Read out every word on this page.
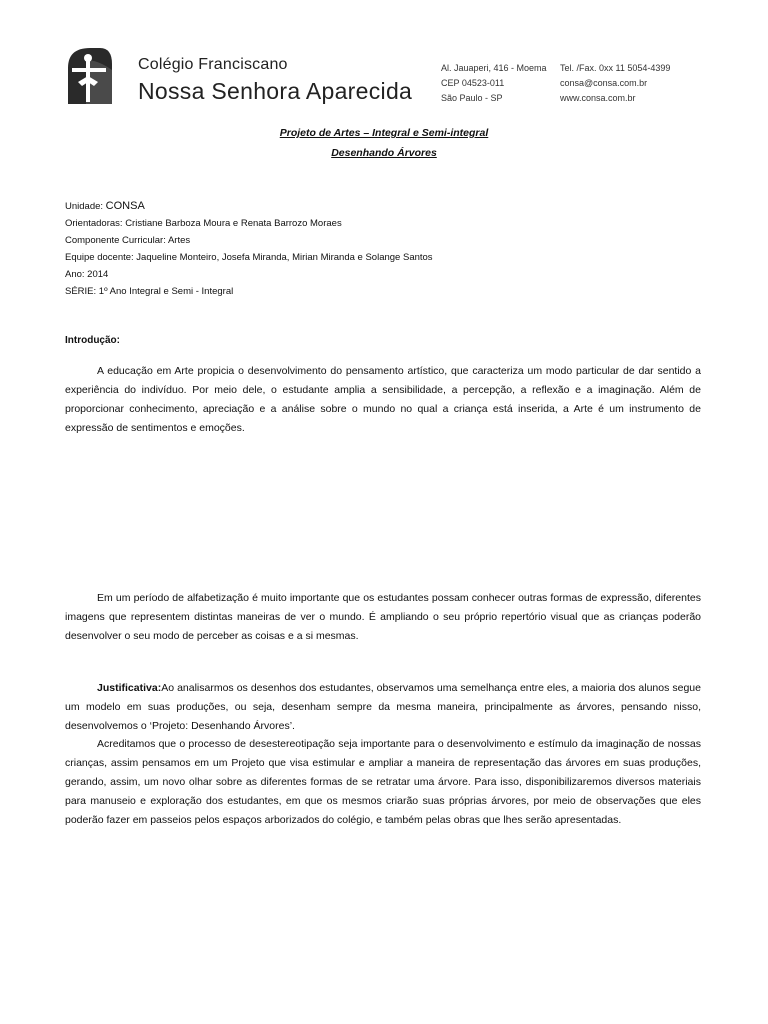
Colégio Franciscano
Nossa Senhora Aparecida
Al. Jauaperi, 416 - Moema
CEP 04523-011
São Paulo - SP
Tel. /Fax. 0xx 11 5054-4399
consa@consa.com.br
www.consa.com.br
Projeto de Artes – Integral e Semi-integral
Desenhando Árvores
Unidade: CONSA
Orientadoras: Cristiane Barboza Moura e Renata Barrozo Moraes
Componente Curricular: Artes
Equipe docente: Jaqueline Monteiro, Josefa Miranda, Mirian Miranda e Solange Santos
Ano: 2014
SÉRIE: 1º Ano Integral e Semi - Integral
Introdução:
A educação em Arte propicia o desenvolvimento do pensamento artístico, que caracteriza um modo particular de dar sentido a experiência do indivíduo. Por meio dele, o estudante amplia a sensibilidade, a percepção, a reflexão e a imaginação. Além de proporcionar conhecimento, apreciação e a análise sobre o mundo no qual a criança está inserida, a Arte é um instrumento de expressão de sentimentos e emoções.
Em um período de alfabetização é muito importante que os estudantes possam conhecer outras formas de expressão, diferentes imagens que representem distintas maneiras de ver o mundo. É ampliando o seu próprio repertório visual que as crianças poderão desenvolver o seu modo de perceber as coisas e a si mesmas.
Justificativa:Ao analisarmos os desenhos dos estudantes, observamos uma semelhança entre eles, a maioria dos alunos segue um modelo em suas produções, ou seja, desenham sempre da mesma maneira, principalmente as árvores, pensando nisso, desenvolvemos o ‘Projeto: Desenhando Árvores’.
Acreditamos que o processo de desestereotipação seja importante para o desenvolvimento e estímulo da imaginação de nossas crianças, assim pensamos em um Projeto que visa estimular e ampliar a maneira de representação das árvores em suas produções, gerando, assim, um novo olhar sobre as diferentes formas de se retratar uma árvore. Para isso, disponibilizaremos diversos materiais para manuseio e exploração dos estudantes, em que os mesmos criarão suas próprias árvores, por meio de observações que eles poderão fazer em passeios pelos espaços arborizados do colégio, e também pelas obras que lhes serão apresentadas.
